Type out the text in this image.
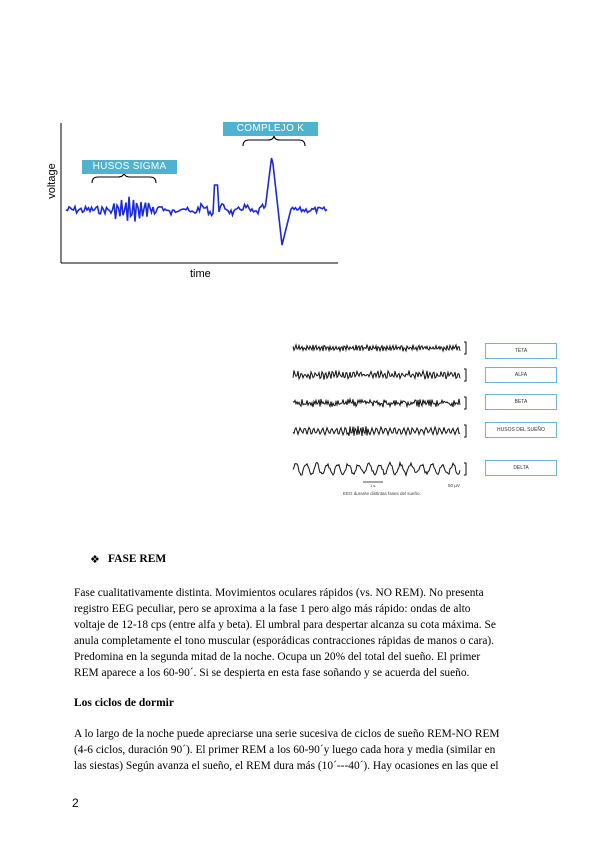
voltage
time
HUSOS SIGMA
COMPLEJO K
1 s	50 µV
EEG durante distintas fases del sueño.
TETA
ALFA
BETA
HUSOS DEL SUEÑO
DELTA
❖ FASE REM
Fase cualitativamente distinta. Movimientos oculares rápidos (vs. NO REM). No presenta
registro EEG peculiar, pero se aproxima a la fase 1 pero algo más rápido: ondas de alto
voltaje de 12-18 cps (entre alfa y beta). El umbral para despertar alcanza su cota máxima. Se
anula completamente el tono muscular (esporádicas contracciones rápidas de manos o cara).
Predomina en la segunda mitad de la noche. Ocupa un 20% del total del sueño. El primer
REM aparece a los 60-90´. Si se despierta en esta fase soñando y se acuerda del sueño.
Los ciclos de dormir
A lo largo de la noche puede apreciarse una serie sucesiva de ciclos de sueño REM-NO REM
(4-6 ciclos, duración 90´). El primer REM a los 60-90´y luego cada hora y media (similar en
las siestas) Según avanza el sueño, el REM dura más (10´---40´). Hay ocasiones en las que el
2
